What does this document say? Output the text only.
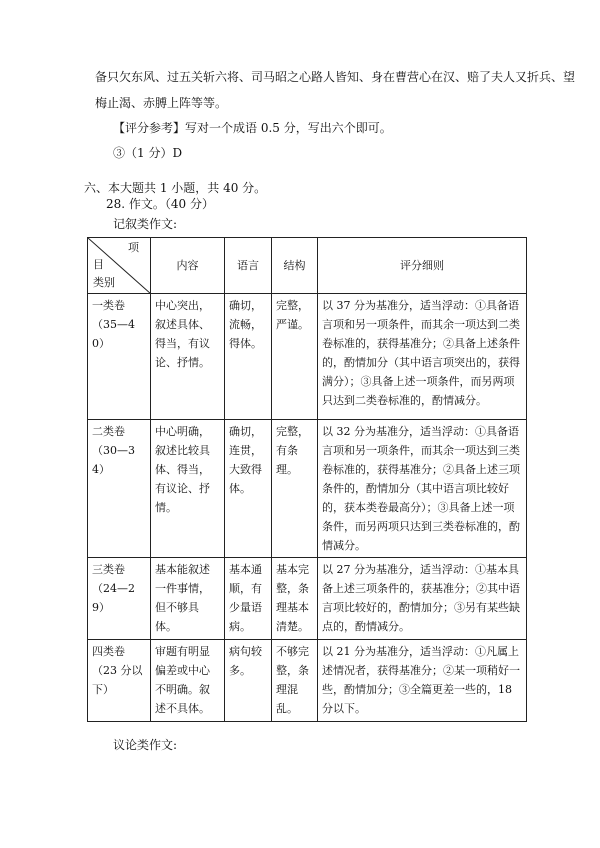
备只欠东风、过五关斩六将、司马昭之心路人皆知、身在曹营心在汉、赔了夫人又折兵、望
梅止渴、赤膊上阵等等。
【评分参考】写对一个成语 0.5 分，写出六个即可。
③（1 分）D
六、本大题共 1 小题，共 40 分。
28. 作文。（40 分）
记叙类作文:
项
目
类别	内容	语言	结构	评分细则

一类卷
（35—40）	中心突出，叙述具体、得当，有议论、抒情。	确切，流畅，得体。	完整，严谨。	以 37 分为基准分，适当浮动：①具备语言项和另一项条件，而其余一项达到二类卷标准的，获得基准分；②具备上述条件的，酌情加分（其中语言项突出的，获得满分）；③具备上述一项条件，而另两项只达到二类卷标准的，酌情减分。

二类卷
（30—34）	中心明确，叙述比较具体、得当，有议论、抒情。	确切，连贯，大致得体。	完整，有条理。	以 32 分为基准分，适当浮动：①具备语言项和另一项条件，而其余一项达到三类卷标准的，获得基准分；②具备上述三项条件的，酌情加分（其中语言项比较好的，获本类卷最高分）；③具备上述一项条件，而另两项只达到三类卷标准的，酌情减分。

三类卷
（24—29）	基本能叙述一件事情，但不够具体。	基本通顺，有少量语病。	基本完整，条理基本清楚。	以 27 分为基准分，适当浮动：①基本具备上述三项条件的，获基准分；②其中语言项比较好的，酌情加分；③另有某些缺点的，酌情减分。

四类卷
（23 分以下）	审题有明显偏差或中心不明确。叙述不具体。	病句较多。	不够完整，条理混乱。	以 21 分为基准分，适当浮动：①凡属上述情况者，获得基准分；②某一项稍好一些，酌情加分；③全篇更差一些的，18 分以下。
议论类作文:
